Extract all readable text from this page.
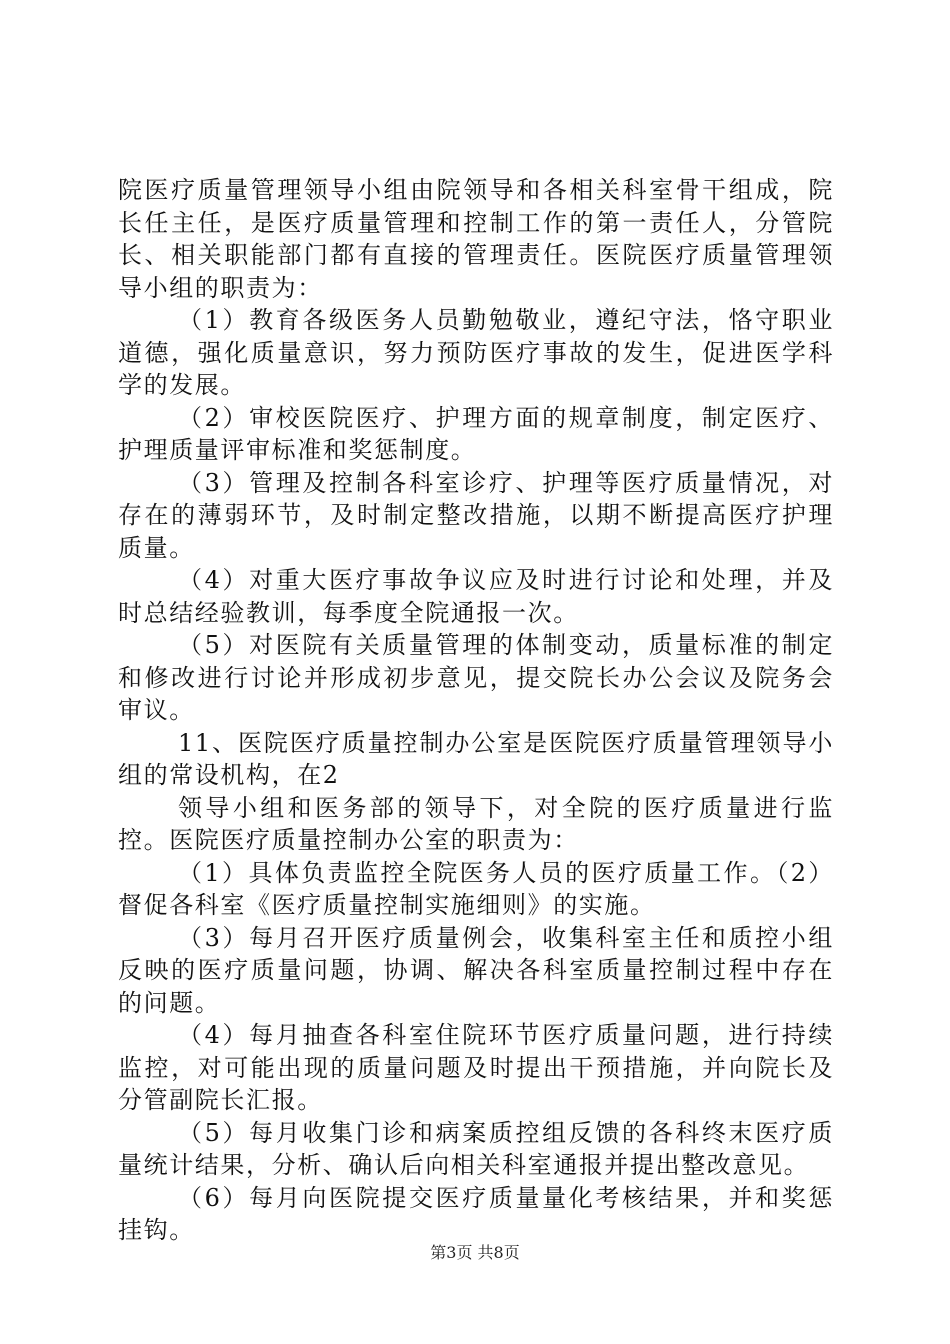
院医疗质量管理领导小组由院领导和各相关科室骨干组成，院长任主任，是医疗质量管理和控制工作的第一责任人，分管院长、相关职能部门都有直接的管理责任。医院医疗质量管理领导小组的职责为：

（1）教育各级医务人员勤勉敬业，遵纪守法，恪守职业道德，强化质量意识，努力预防医疗事故的发生，促进医学科学的发展。

（2）审校医院医疗、护理方面的规章制度，制定医疗、护理质量评审标准和奖惩制度。

（3）管理及控制各科室诊疗、护理等医疗质量情况，对存在的薄弱环节，及时制定整改措施，以期不断提高医疗护理质量。

（4）对重大医疗事故争议应及时进行讨论和处理，并及时总结经验教训，每季度全院通报一次。

（5）对医院有关质量管理的体制变动，质量标准的制定和修改进行讨论并形成初步意见，提交院长办公会议及院务会审议。

11、医院医疗质量控制办公室是医院医疗质量管理领导小组的常设机构，在2

领导小组和医务部的领导下，对全院的医疗质量进行监控。医院医疗质量控制办公室的职责为：

（1）具体负责监控全院医务人员的医疗质量工作。（2）督促各科室《医疗质量控制实施细则》的实施。

（3）每月召开医疗质量例会，收集科室主任和质控小组反映的医疗质量问题，协调、解决各科室质量控制过程中存在的问题。

（4）每月抽查各科室住院环节医疗质量问题，进行持续监控，对可能出现的质量问题及时提出干预措施，并向院长及分管副院长汇报。

（5）每月收集门诊和病案质控组反馈的各科终末医疗质量统计结果，分析、确认后向相关科室通报并提出整改意见。

（6）每月向医院提交医疗质量量化考核结果，并和奖惩挂钩。

第3页 共8页
